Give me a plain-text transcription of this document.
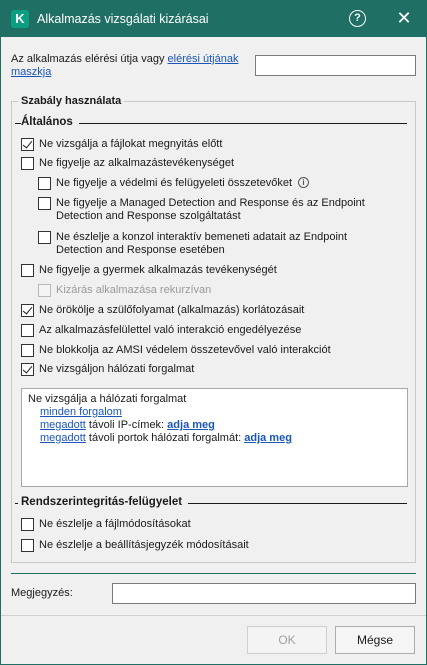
K Alkalmazás vizsgálati kizárásai	? ✕
Az alkalmazás elérési útja vagy elérési útjának maszkja
Szabály használata
Általános
Ne vizsgálja a fájlokat megnyitás előtt
Ne figyelje az alkalmazástevékenységet
Ne figyelje a védelmi és felügyeleti összetevőket	i
Ne figyelje a Managed Detection and Response és az Endpoint Detection and Response szolgáltatást
Ne észlelje a konzol interaktív bemeneti adatait az Endpoint Detection and Response esetében
Ne figyelje a gyermek alkalmazás tevékenységét
Kizárás alkalmazása rekurzívan
Ne örökölje a szülőfolyamat (alkalmazás) korlátozásait
Az alkalmazásfelülettel való interakció engedélyezése
Ne blokkolja az AMSI védelem összetevővel való interakciót
Ne vizsgáljon hálózati forgalmat
Ne vizsgálja a hálózati forgalmat
minden forgalom
megadott távoli IP-címek: adja meg
megadott távoli portok hálózati forgalmát: adja meg
Rendszerintegritás-felügyelet
Ne észlelje a fájlmódosításokat
Ne észlelje a beállításjegyzék módosításait
Megjegyzés:
OK	Mégse
